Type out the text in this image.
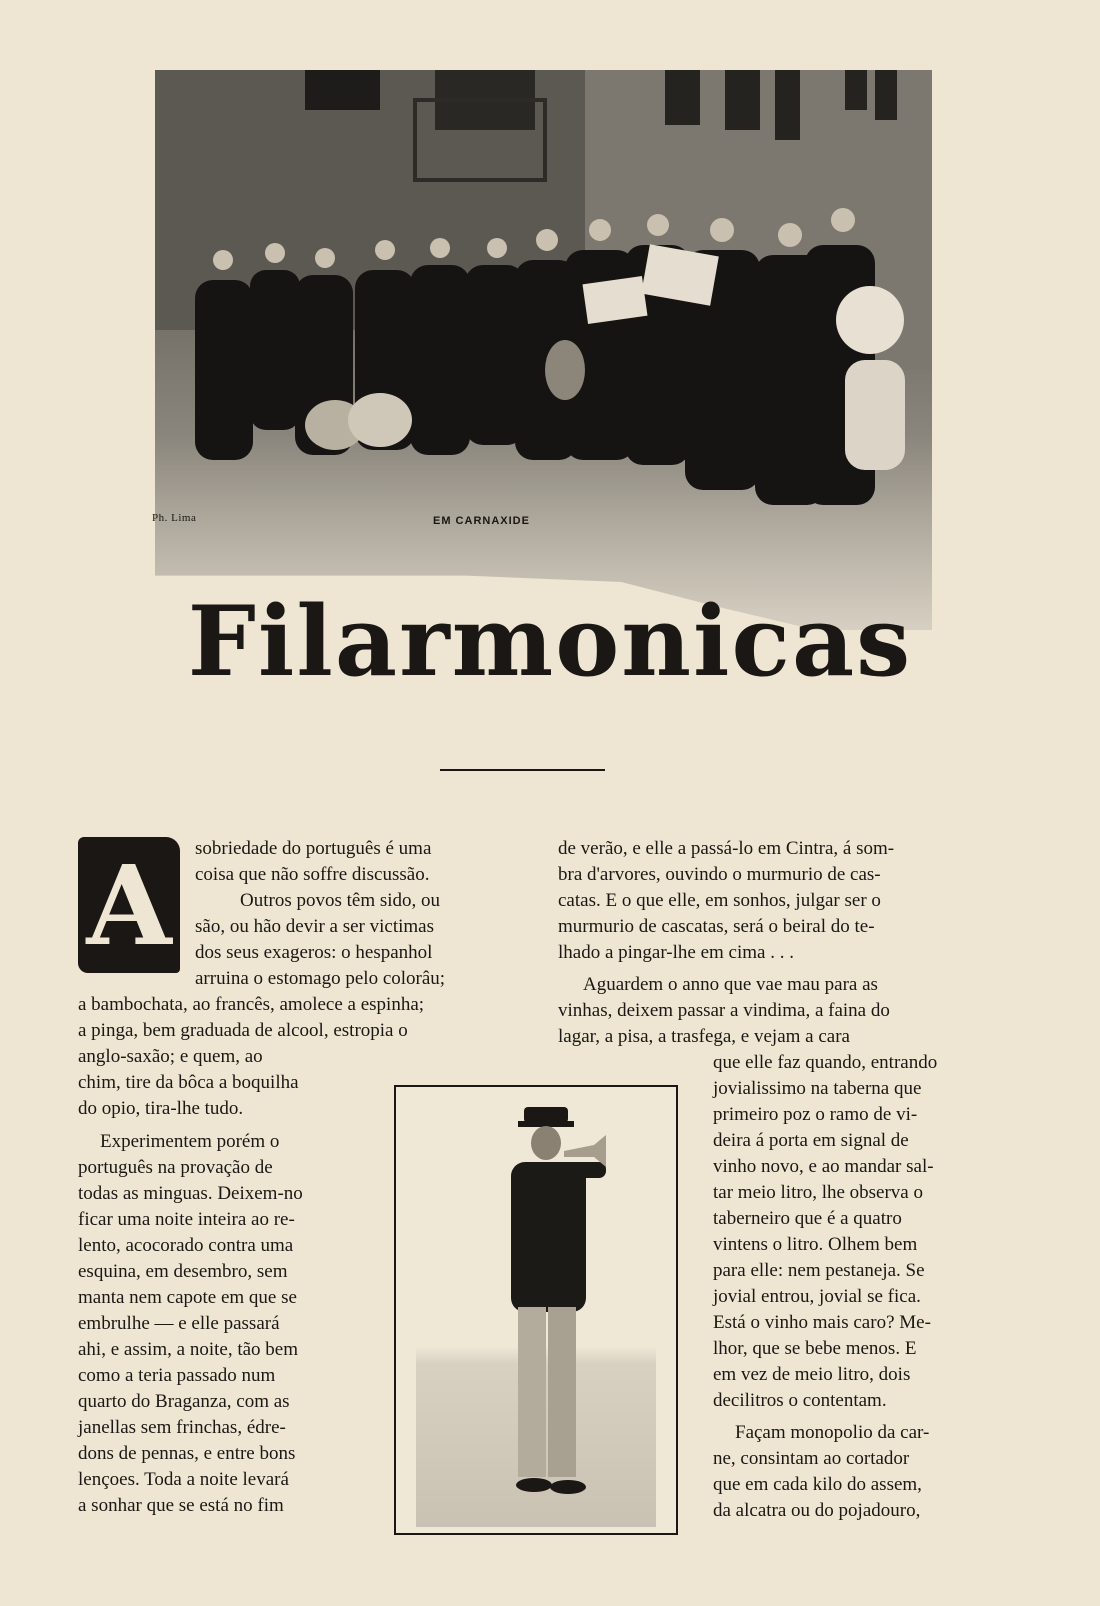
Ph. Lima	EM CARNAXIDE
Filarmonicas
A	sobriedade do português é uma
coisa que não soffre discussão.
Outros povos têm sido, ou
são, ou hão devir a ser victimas
dos seus exageros: o hespanhol
arruina o estomago pelo colorâu;
a bambochata, ao francês, amolece a espinha;
a pinga, bem graduada de alcool, estropia o
anglo-saxão; e quem, ao
chim, tire da bôca a boquilha
do opio, tira-lhe tudo.
Experimentem porém o
português na provação de
todas as minguas. Deixem-no
ficar uma noite inteira ao re-
lento, acocorado contra uma
esquina, em desembro, sem
manta nem capote em que se
embrulhe — e elle passará
ahi, e assim, a noite, tão bem
como a teria passado num
quarto do Braganza, com as
janellas sem frinchas, édre-
dons de pennas, e entre bons
lençoes. Toda a noite levará
a sonhar que se está no fim
de verão, e elle a passá-lo em Cintra, á som-
bra d'arvores, ouvindo o murmurio de cas-
catas. E o que elle, em sonhos, julgar ser o
murmurio de cascatas, será o beiral do te-
lhado a pingar-lhe em cima . . .
Aguardem o anno que vae mau para as
vinhas, deixem passar a vindima, a faina do
lagar, a pisa, a trasfega, e vejam a cara
que elle faz quando, entrando
jovialissimo na taberna que
primeiro poz o ramo de vi-
deira á porta em signal de
vinho novo, e ao mandar sal-
tar meio litro, lhe observa o
taberneiro que é a quatro
vintens o litro. Olhem bem
para elle: nem pestaneja. Se
jovial entrou, jovial se fica.
Está o vinho mais caro? Me-
lhor, que se bebe menos. E
em vez de meio litro, dois
decilitros o contentam.
Façam monopolio da car-
ne, consintam ao cortador
que em cada kilo do assem,
da alcatra ou do pojadouro,
